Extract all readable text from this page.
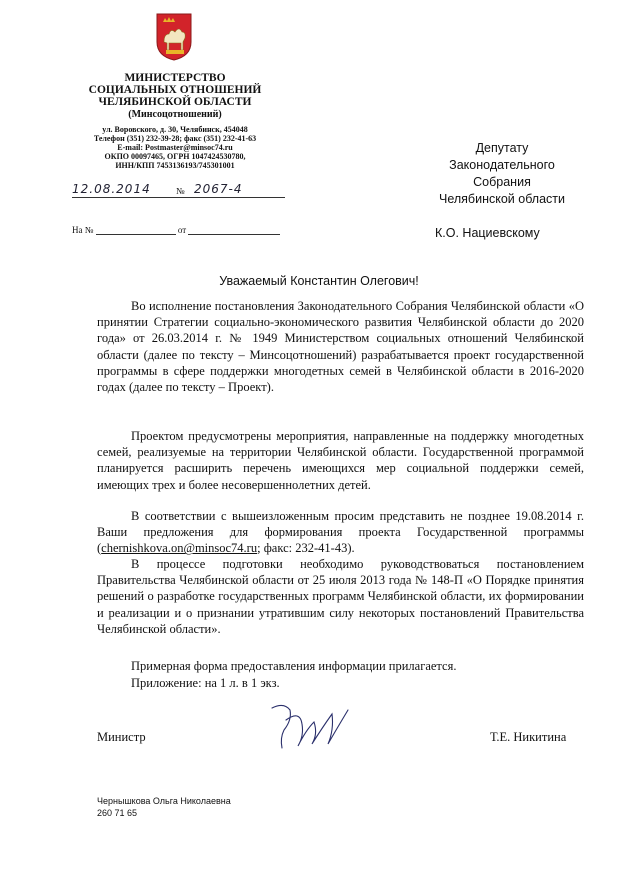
МИНИСТЕРСТВО
СОЦИАЛЬНЫХ ОТНОШЕНИЙ
ЧЕЛЯБИНСКОЙ ОБЛАСТИ
(Минсоцотношений)
ул. Воровского, д. 30, Челябинск, 454048
Телефон (351) 232-39-28; факс (351) 232-41-63
E-mail: Postmaster@minsoc74.ru
ОКПО 00097465, ОГРН 1047424530780,
ИНН/КПП 7453136193/745301001
12.08.2014	№ 2067-4
На №	от
Депутату
Законодательного
Собрания
Челябинской области
К.О. Нациевскому
Уважаемый Константин Олегович!
Во исполнение постановления Законодательного Собрания Челябинской области «О принятии Стратегии социально-экономического развития Челябинской области до 2020 года» от 26.03.2014 г. № 1949 Министерством социальных отношений Челябинской области (далее по тексту – Минсоцотношений) разрабатывается проект государственной программы в сфере поддержки многодетных семей в Челябинской области в 2016-2020 годах (далее по тексту – Проект).
Проектом предусмотрены мероприятия, направленные на поддержку многодетных семей, реализуемые на территории Челябинской области. Государственной программой планируется расширить перечень имеющихся мер социальной поддержки семей, имеющих трех и более несовершеннолетних детей.
В соответствии с вышеизложенным просим представить не позднее 19.08.2014 г. Ваши предложения для формирования проекта Государственной программы (chernishkova.on@minsoc74.ru; факс: 232-41-43).
В процессе подготовки необходимо руководствоваться постановлением Правительства Челябинской области от 25 июля 2013 года № 148-П «О Порядке принятия решений о разработке государственных программ Челябинской области, их формировании и реализации и о признании утратившим силу некоторых постановлений Правительства Челябинской области».
Примерная форма предоставления информации прилагается.
Приложение: на 1 л. в 1 экз.
Министр	Т.Е. Никитина
Чернышкова Ольга Николаевна
260 71 65
